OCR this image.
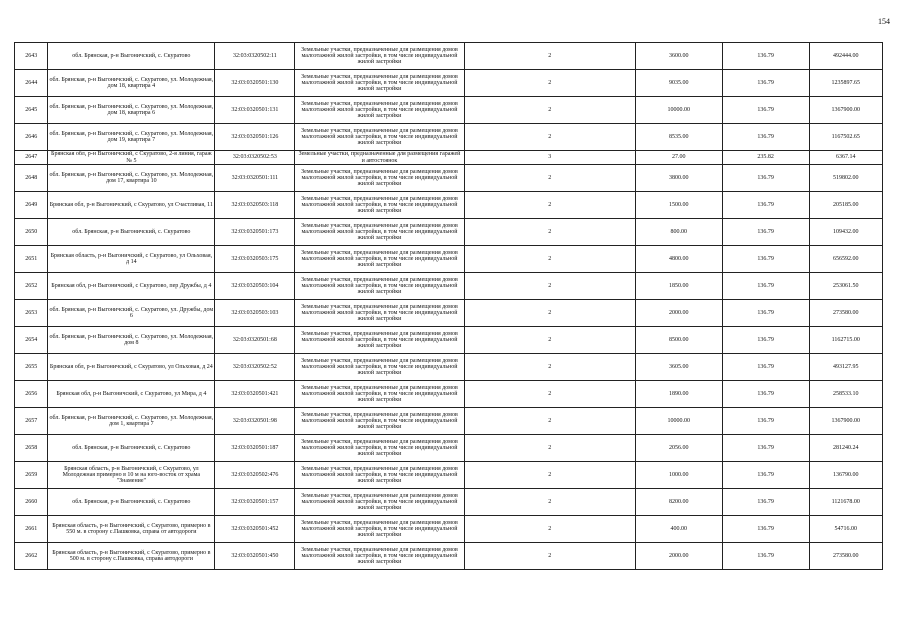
154
2643	обл. Брянская, р-н Выгоничский, с. Скуратово	32:03:0320502:11	Земельные участки, предназначенные для размещения домов малоэтажной жилой застройки, в том числе индивидуальной жилой застройки	2	3600.00	136.79	492444.00
2644	обл. Брянская, р-н Выгоничский, с. Скуратово, ул. Молодежная, дом 18, квартира 4	32:03:0320501:130	Земельные участки, предназначенные для размещения домов малоэтажной жилой застройки, в том числе индивидуальной жилой застройки	2	9035.00	136.79	1235897.65
2645	обл. Брянская, р-н Выгоничский, с. Скуратово, ул. Молодежная, дом 18, квартира 6	32:03:0320501:131	Земельные участки, предназначенные для размещения домов малоэтажной жилой застройки, в том числе индивидуальной жилой застройки	2	10000.00	136.79	1367900.00
2646	обл. Брянская, р-н Выгоничский, с. Скуратово, ул. Молодежная, дом 19, квартира 7	32:03:0320501:126	Земельные участки, предназначенные для размещения домов малоэтажной жилой застройки, в том числе индивидуальной жилой застройки	2	8535.00	136.79	1167502.65
2647	Брянская обл, р-н Выгоничский, с Скуратово, 2-я линия, гараж № 5	32:03:0320502:53	Земельные участки, предназначенные для размещения гаражей и автостоянок	3	27.00	235.82	6367.14
2648	обл. Брянская, р-н Выгоничский, с. Скуратово, ул. Молодежная, дом 17, квартира 10	32:03:0320501:111	Земельные участки, предназначенные для размещения домов малоэтажной жилой застройки, в том числе индивидуальной жилой застройки	2	3800.00	136.79	519802.00
2649	Брянская обл, р-н Выгоничский, с Скуратово, ул Счастливая, 11	32:03:0320503:118	Земельные участки, предназначенные для размещения домов малоэтажной жилой застройки, в том числе индивидуальной жилой застройки	2	1500.00	136.79	205185.00
2650	обл. Брянская, р-н Выгоничский, с. Скуратово	32:03:0320501:173	Земельные участки, предназначенные для размещения домов малоэтажной жилой застройки, в том числе индивидуальной жилой застройки	2	800.00	136.79	109432.00
2651	Брянская область, р-н Выгоничский, с Скуратово, ул Ольховая, д 14	32:03:0320503:175	Земельные участки, предназначенные для размещения домов малоэтажной жилой застройки, в том числе индивидуальной жилой застройки	2	4800.00	136.79	656592.00
2652	Брянская обл, р-н Выгоничский, с Скуратово, пер Дружбы, д 4	32:03:0320503:104	Земельные участки, предназначенные для размещения домов малоэтажной жилой застройки, в том числе индивидуальной жилой застройки	2	1850.00	136.79	253061.50
2653	обл. Брянская, р-н Выгоничский, с. Скуратово, ул. Дружбы, дом 6	32:03:0320503:103	Земельные участки, предназначенные для размещения домов малоэтажной жилой застройки, в том числе индивидуальной жилой застройки	2	2000.00	136.79	273580.00
2654	обл. Брянская, р-н Выгоничский, с. Скуратово, ул. Молодежная, дом 8	32:03:0320501:68	Земельные участки, предназначенные для размещения домов малоэтажной жилой застройки, в том числе индивидуальной жилой застройки	2	8500.00	136.79	1162715.00
2655	Брянская обл, р-н Выгоничский, с Скуратово, ул Ольховая, д 24	32:03:0320502:52	Земельные участки, предназначенные для размещения домов малоэтажной жилой застройки, в том числе индивидуальной жилой застройки	2	3605.00	136.79	493127.95
2656	Брянская обл, р-н Выгоничский, с Скуратово, ул Мира, д 4	32:03:0320501:421	Земельные участки, предназначенные для размещения домов малоэтажной жилой застройки, в том числе индивидуальной жилой застройки	2	1890.00	136.79	258533.10
2657	обл. Брянская, р-н Выгоничский, с. Скуратово, ул. Молодежная, дом 1, квартира 7	32:03:0320501:98	Земельные участки, предназначенные для размещения домов малоэтажной жилой застройки, в том числе индивидуальной жилой застройки	2	10000.00	136.79	1367900.00
2658	обл. Брянская, р-н Выгоничский, с. Скуратово	32:03:0320501:187	Земельные участки, предназначенные для размещения домов малоэтажной жилой застройки, в том числе индивидуальной жилой застройки	2	2056.00	136.79	281240.24
2659	Брянская область, р-н Выгоничский, с Скуратово, ул Молодежная примерно в 10 м на юго-восток от храма "Знамение"	32:03:0320502:476	Земельные участки, предназначенные для размещения домов малоэтажной жилой застройки, в том числе индивидуальной жилой застройки	2	1000.00	136.79	136790.00
2660	обл. Брянская, р-н Выгоничский, с. Скуратово	32:03:0320501:157	Земельные участки, предназначенные для размещения домов малоэтажной жилой застройки, в том числе индивидуальной жилой застройки	2	8200.00	136.79	1121678.00
2661	Брянская область, р-н Выгоничский, с Скуратово, примерно в 550 м. в сторону с.Пашковка, справа от автодороги	32:03:0320501:452	Земельные участки, предназначенные для размещения домов малоэтажной жилой застройки, в том числе индивидуальной жилой застройки	2	400.00	136.79	54716.00
2662	Брянская область, р-н Выгоничский, с Скуратово, примерно в 500 м. в сторону с.Пашковка, справа автодороги	32:03:0320501:450	Земельные участки, предназначенные для размещения домов малоэтажной жилой застройки, в том числе индивидуальной жилой застройки	2	2000.00	136.79	273580.00
